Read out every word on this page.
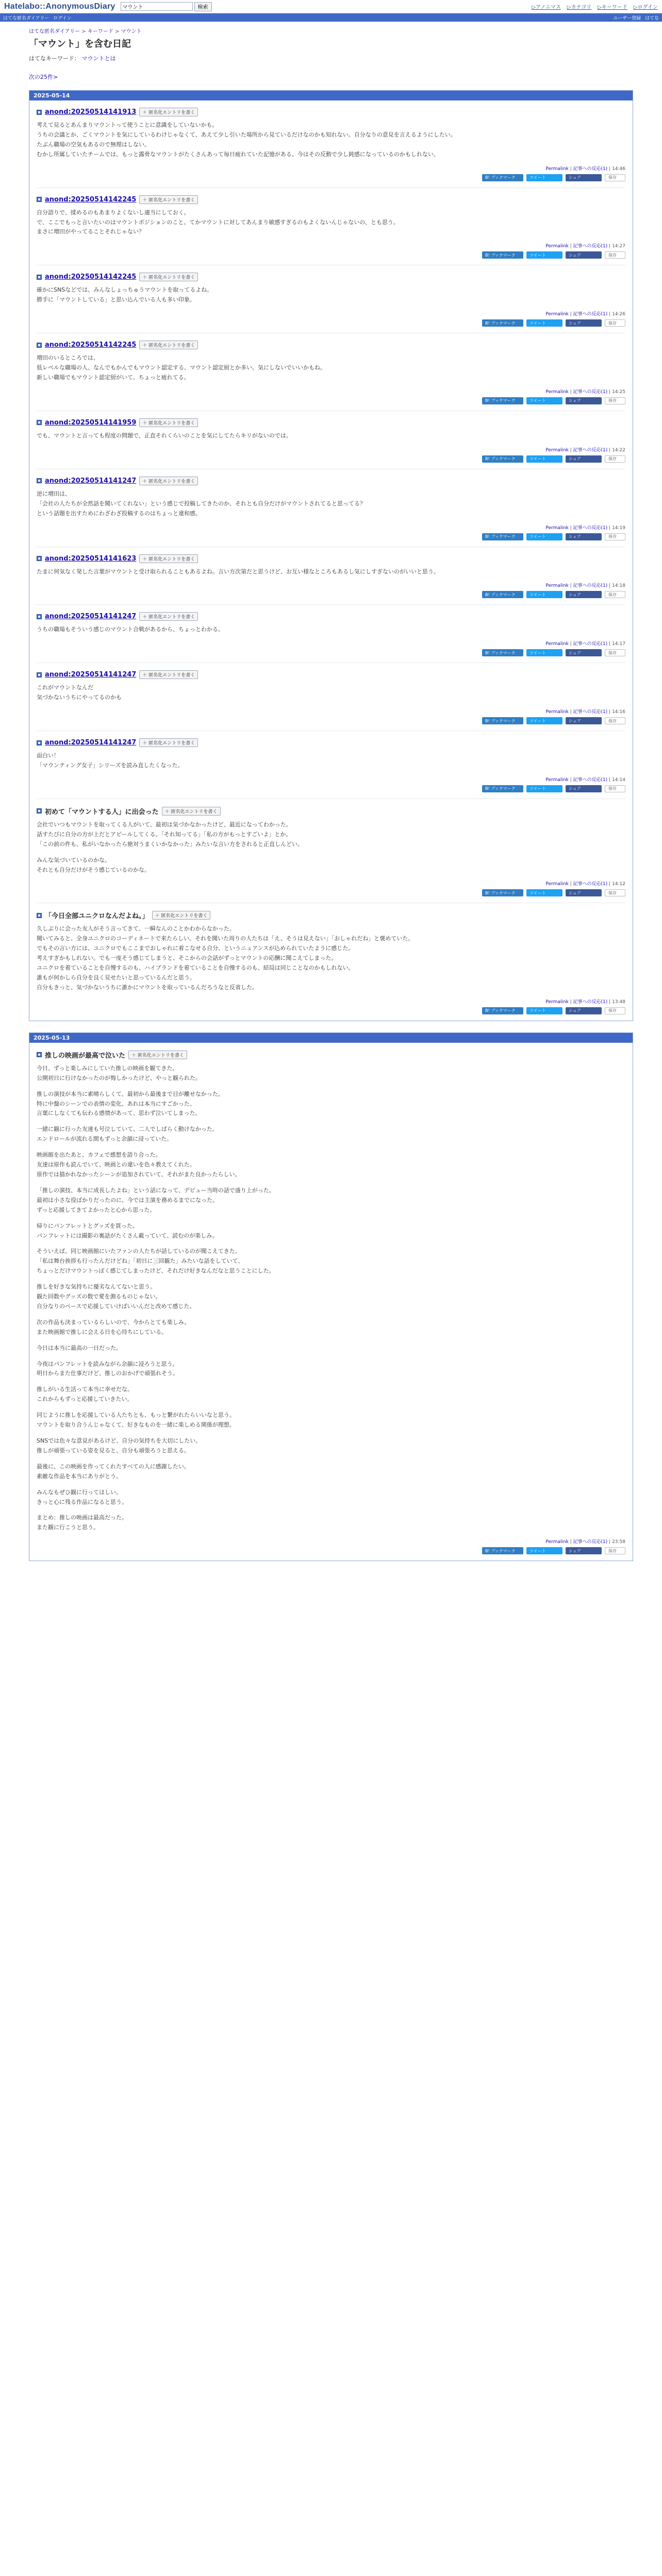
Hatelabo::AnonymousDiary
マウント	検索	▷アノニマス ▷カテゴリ ▷キーワード ▷ログイン
はてな匿名ダイアリー ログイン	ユーザー登録 はてな
はてな匿名ダイアリー > キーワード > マウント
「マウント」を含む日記
はてなキーワード： マウントとは
次の25件>
2025-05-14
anond:20250514141913	＋ 匿名化エントリを書く

考えて見るとあんまりマウントって使うことに意識をしていないかも。

うちの会議とか、ごくマウントを気にしているわけじゃなくて、あえて少し引いた場所から見ているだけなのかも知れない。自分なりの意見を言えるようにしたい。

たぶん職場の空気もあるので無理はしない。

むかし所属していたチームでは、もっと露骨なマウントがたくさんあって毎日疲れていた記憶がある。今はその反動で少し鈍感になっているのかもしれない。

Permalink | 記事への反応(1) | 14:46
B! ブックマーク	ツイート	シェア	保存
anond:20250514142245	＋ 匿名化エントリを書く

自分語りで、揉めるのもあまりよくないし適当にしておく。

で、ここでもっと言いたいのはマウントポジションのこと。てかマウントに対してあんまり敏感すぎるのもよくないんじゃないの、とも思う。

まさに増田がやってることそれじゃない？

Permalink | 記事への反応(1) | 14:27
B! ブックマーク	ツイート	シェア	保存
anond:20250514142245	＋ 匿名化エントリを書く

確かにSNSなどでは、みんなしょっちゅうマウントを取ってるよね。

勝手に「マウントしている」と思い込んでいる人も多い印象。

Permalink | 記事への反応(1) | 14:26
B! ブックマーク	ツイート	シェア	保存
anond:20250514142245	＋ 匿名化エントリを書く

増田のいるところでは、

低レベルな職場の人、なんでもかんでもマウント認定する、マウント認定厨とか多い。気にしないでいいかもね。

新しい職場でもマウント認定厨がいて、ちょっと疲れてる。

Permalink | 記事への反応(1) | 14:25
B! ブックマーク	ツイート	シェア	保存
anond:20250514141959	＋ 匿名化エントリを書く

でも、マウントと言っても程度の問題で、正直それくらいのことを気にしてたらキリがないのでは。

Permalink | 記事への反応(1) | 14:22
B! ブックマーク	ツイート	シェア	保存
anond:20250514141247	＋ 匿名化エントリを書く

逆に増田は、

「会社の人たちが全然話を聞いてくれない」という感じで投稿してきたのか、それとも自分だけがマウントされてると思ってる？

という話題を出すためにわざわざ投稿するのはちょっと違和感。

Permalink | 記事への反応(1) | 14:19
B! ブックマーク	ツイート	シェア	保存
anond:20250514141623	＋ 匿名化エントリを書く

たまに何気なく発した言葉がマウントと受け取られることもあるよね。言い方次第だと思うけど、お互い様なところもあるし気にしすぎないのがいいと思う。

Permalink | 記事への反応(1) | 14:18
B! ブックマーク	ツイート	シェア	保存
anond:20250514141247	＋ 匿名化エントリを書く

うちの職場もそういう感じのマウント合戦があるから、ちょっとわかる。

Permalink | 記事への反応(1) | 14:17
B! ブックマーク	ツイート	シェア	保存
anond:20250514141247	＋ 匿名化エントリを書く

これがマウントなんだ

気づかないうちにやってるのかも

Permalink | 記事への反応(1) | 14:16
B! ブックマーク	ツイート	シェア	保存
anond:20250514141247	＋ 匿名化エントリを書く

面白い！

「マウンティング女子」シリーズを読み直したくなった。

Permalink | 記事への反応(1) | 14:14
B! ブックマーク	ツイート	シェア	保存
初めて「マウントする人」に出会った	＋ 匿名化エントリを書く

会社でいつもマウントを取ってくる人がいて、最初は気づかなかったけど、最近になってわかった。

話すたびに自分の方が上だとアピールしてくる。「それ知ってる」「私の方がもっとすごいよ」とか。

「この前の件も、私がいなかったら絶対うまくいかなかった」みたいな言い方をされると正直しんどい。

みんな気づいているのかな。

それとも自分だけがそう感じているのかな。

Permalink | 記事への反応(1) | 14:12
B! ブックマーク	ツイート	シェア	保存
「今日全部ユニクロなんだよね。」	＋ 匿名化エントリを書く

久しぶりに会った友人がそう言ってきて、一瞬なんのことかわからなかった。

聞いてみると、全身ユニクロのコーディネートで来たらしい。それを聞いた周りの人たちは「え、そうは見えない」「おしゃれだね」と褒めていた。

でもその言い方には、ユニクロでもここまでおしゃれに着こなせる自分、というニュアンスが込められていたように感じた。

考えすぎかもしれない。でも一度そう感じてしまうと、そこからの会話がずっとマウントの応酬に聞こえてしまった。

ユニクロを着ていることを自慢するのも、ハイブランドを着ていることを自慢するのも、結局は同じことなのかもしれない。

誰もが何かしら自分を良く見せたいと思っているんだと思う。

自分もきっと、気づかないうちに誰かにマウントを取っているんだろうなと反省した。

Permalink | 記事への反応(1) | 13:48
B! ブックマーク	ツイート	シェア	保存
2025-05-13
推しの映画が最高で泣いた	＋ 匿名化エントリを書く

今日、ずっと楽しみにしていた推しの映画を観てきた。

公開初日に行けなかったのが悔しかったけど、やっと観られた。

推しの演技が本当に素晴らしくて、最初から最後まで目が離せなかった。

特に中盤のシーンでの表情の変化、あれは本当にすごかった。

言葉にしなくても伝わる感情があって、思わず泣いてしまった。

一緒に観に行った友達も号泣していて、二人でしばらく動けなかった。

エンドロールが流れる間もずっと余韻に浸っていた。

映画館を出たあと、カフェで感想を語り合った。

友達は原作も読んでいて、映画との違いを色々教えてくれた。

原作では描かれなかったシーンが追加されていて、それがまた良かったらしい。

「推しの演技、本当に成長したよね」という話になって、デビュー当時の話で盛り上がった。

最初は小さな役ばかりだったのに、今では主演を務めるまでになった。

ずっと応援してきてよかったと心から思った。

帰りにパンフレットとグッズを買った。

パンフレットには撮影の裏話がたくさん載っていて、読むのが楽しみ。

そういえば、同じ映画館にいたファンの人たちが話しているのが聞こえてきた。

「私は舞台挨拶も行ったんだけどね」「初日に三回観た」みたいな話をしていて、

ちょっとだけマウントっぽく感じてしまったけど、それだけ好きなんだなと思うことにした。

推しを好きな気持ちに優劣なんてないと思う。

観た回数やグッズの数で愛を測るものじゃない。

自分なりのペースで応援していけばいいんだと改めて感じた。

次の作品も決まっているらしいので、今からとても楽しみ。

また映画館で推しに会える日を心待ちにしている。

今日は本当に最高の一日だった。

今夜はパンフレットを読みながら余韻に浸ろうと思う。

明日からまた仕事だけど、推しのおかげで頑張れそう。

推しがいる生活って本当に幸せだな。

これからもずっと応援していきたい。

同じように推しを応援している人たちとも、もっと繋がれたらいいなと思う。

マウントを取り合うんじゃなくて、好きなものを一緒に楽しめる関係が理想。

SNSでは色々な意見があるけど、自分の気持ちを大切にしたい。

推しが頑張っている姿を見ると、自分も頑張ろうと思える。

最後に、この映画を作ってくれたすべての人に感謝したい。

素敵な作品を本当にありがとう。

みんなもぜひ観に行ってほしい。

きっと心に残る作品になると思う。

まとめ：推しの映画は最高だった。

また観に行こうと思う。

Permalink | 記事への反応(1) | 23:58
B! ブックマーク	ツイート	シェア	保存
